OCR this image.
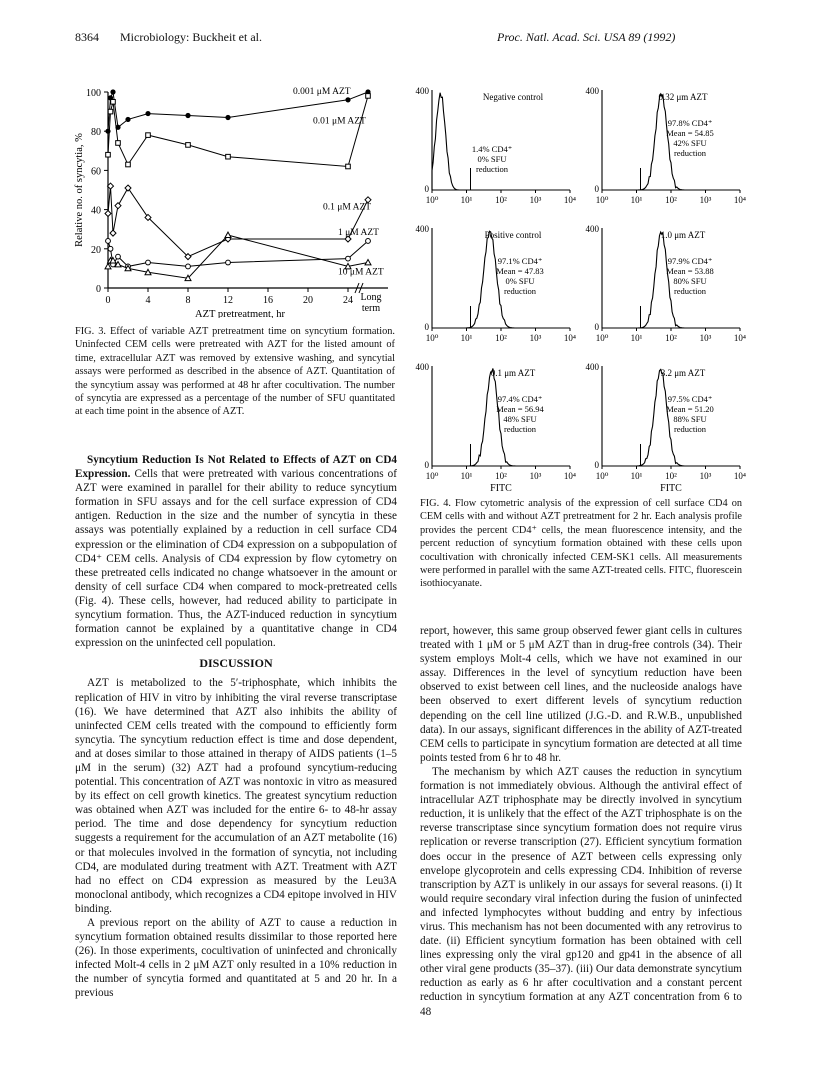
8364 Microbiology: Buckheit et al.	Proc. Natl. Acad. Sci. USA 89 (1992)
0
20
40
60
80
100
0	4	8	12	16	20	24 Long
term
AZT pretreatment, hr
Relative no. of syncytia, %
0.001 μM AZT
0.01 μM AZT
0.1 μM AZT
1 μM AZT
10 μM AZT
FIG. 3. Effect of variable AZT pretreatment time on syncytium formation. Uninfected CEM cells were pretreated with AZT for the listed amount of time, extracellular AZT was removed by extensive washing, and syncytial assays were performed as described in the absence of AZT. Quantitation of the syncytium assay was performed at 48 hr after cocultivation. The number of syncytia are expressed as a percentage of the number of SFU quantitated at each time point in the absence of AZT.

Syncytium Reduction Is Not Related to Effects of AZT on CD4 Expression. Cells that were pretreated with various concentrations of AZT were examined in parallel for their ability to reduce syncytium formation in SFU assays and for the cell surface expression of CD4 antigen. Reduction in the size and the number of syncytia in these assays was potentially explained by a reduction in cell surface CD4 expression or the elimination of CD4 expression on a subpopulation of CD4⁺ CEM cells. Analysis of CD4 expression by flow cytometry on these pretreated cells indicated no change whatsoever in the amount or density of cell surface CD4 when compared to mock-pretreated cells (Fig. 4). These cells, however, had reduced ability to participate in syncytium formation. Thus, the AZT-induced reduction in syncytium formation cannot be explained by a quantitative change in CD4 expression on the uninfected cell population.

DISCUSSION

AZT is metabolized to the 5′-triphosphate, which inhibits the replication of HIV in vitro by inhibiting the viral reverse transcriptase (16). We have determined that AZT also inhibits the ability of uninfected CEM cells treated with the compound to efficiently form syncytia. The syncytium reduction effect is time and dose dependent, and at doses similar to those attained in therapy of AIDS patients (1–5 μM in the serum) (32) AZT had a profound syncytium-reducing potential. This concentration of AZT was nontoxic in vitro as measured by its effect on cell growth kinetics. The greatest syncytium reduction was obtained when AZT was included for the entire 6- to 48-hr assay period. The time and dose dependency for syncytium reduction suggests a requirement for the accumulation of an AZT metabolite (16) or that molecules involved in the formation of syncytia, not including CD4, are modulated during treatment with AZT. Treatment with AZT had no effect on CD4 expression as measured by the Leu3A monoclonal antibody, which recognizes a CD4 epitope involved in HIV binding.

A previous report on the ability of AZT to cause a reduction in syncytium formation obtained results dissimilar to those reported here (26). In those experiments, cocultivation of uninfected and chronically infected Molt-4 cells in 2 μM AZT only resulted in a 10% reduction in the number of syncytia formed and quantitated at 5 and 20 hr. In a previous

400
0
10⁰ 10¹	10²	10³	10⁴
Negative control
1.4% CD4⁺
0% SFU
reduction
400
0
10⁰ 10¹	10²	10³	10⁴
0.32 μm AZT
97.8% CD4⁺
Mean = 54.85
42% SFU
reduction
400
0
10⁰ 10¹	10²	10³	10⁴
Positive control
97.1% CD4⁺
Mean = 47.83
0% SFU
reduction
400
0
10⁰ 10¹	10²	10³	10⁴
1.0 μm AZT
97.9% CD4⁺
Mean = 53.88
80% SFU
reduction
400
0
10⁰ 10¹	10²	10³	10⁴
0.1 μm AZT
97.4% CD4⁺
Mean = 56.94
48% SFU
reduction
FITC
400
0
10⁰ 10¹	10²	10³	10⁴
3.2 μm AZT
97.5% CD4⁺
Mean = 51.20
88% SFU
reduction
FITC
FIG. 4. Flow cytometric analysis of the expression of cell surface CD4 on CEM cells with and without AZT pretreatment for 2 hr. Each analysis profile provides the percent CD4⁺ cells, the mean fluorescence intensity, and the percent reduction of syncytium formation obtained with these cells upon cocultivation with chronically infected CEM-SK1 cells. All measurements were performed in parallel with the same AZT-treated cells. FITC, fluorescein isothiocyanate.

report, however, this same group observed fewer giant cells in cultures treated with 1 μM or 5 μM AZT than in drug-free controls (34). Their system employs Molt-4 cells, which we have not examined in our assay. Differences in the level of syncytium reduction have been observed to exist between cell lines, and the nucleoside analogs have been observed to exert different levels of syncytium reduction depending on the cell line utilized (J.G.-D. and R.W.B., unpublished data). In our assays, significant differences in the ability of AZT-treated CEM cells to participate in syncytium formation are detected at all time points tested from 6 hr to 48 hr.

The mechanism by which AZT causes the reduction in syncytium formation is not immediately obvious. Although the antiviral effect of intracellular AZT triphosphate may be directly involved in syncytium reduction, it is unlikely that the effect of the AZT triphosphate is on the reverse transcriptase since syncytium formation does not require virus replication or reverse transcription (27). Efficient syncytium formation does occur in the presence of AZT between cells expressing only envelope glycoprotein and cells expressing CD4. Inhibition of reverse transcription by AZT is unlikely in our assays for several reasons. (i) It would require secondary viral infection during the fusion of uninfected and infected lymphocytes without budding and entry by infectious virus. This mechanism has not been documented with any retrovirus to date. (ii) Efficient syncytium formation has been obtained with cell lines expressing only the viral gp120 and gp41 in the absence of all other viral gene products (35–37). (iii) Our data demonstrate syncytium reduction as early as 6 hr after cocultivation and a constant percent reduction in syncytium formation at any AZT concentration from 6 to 48
